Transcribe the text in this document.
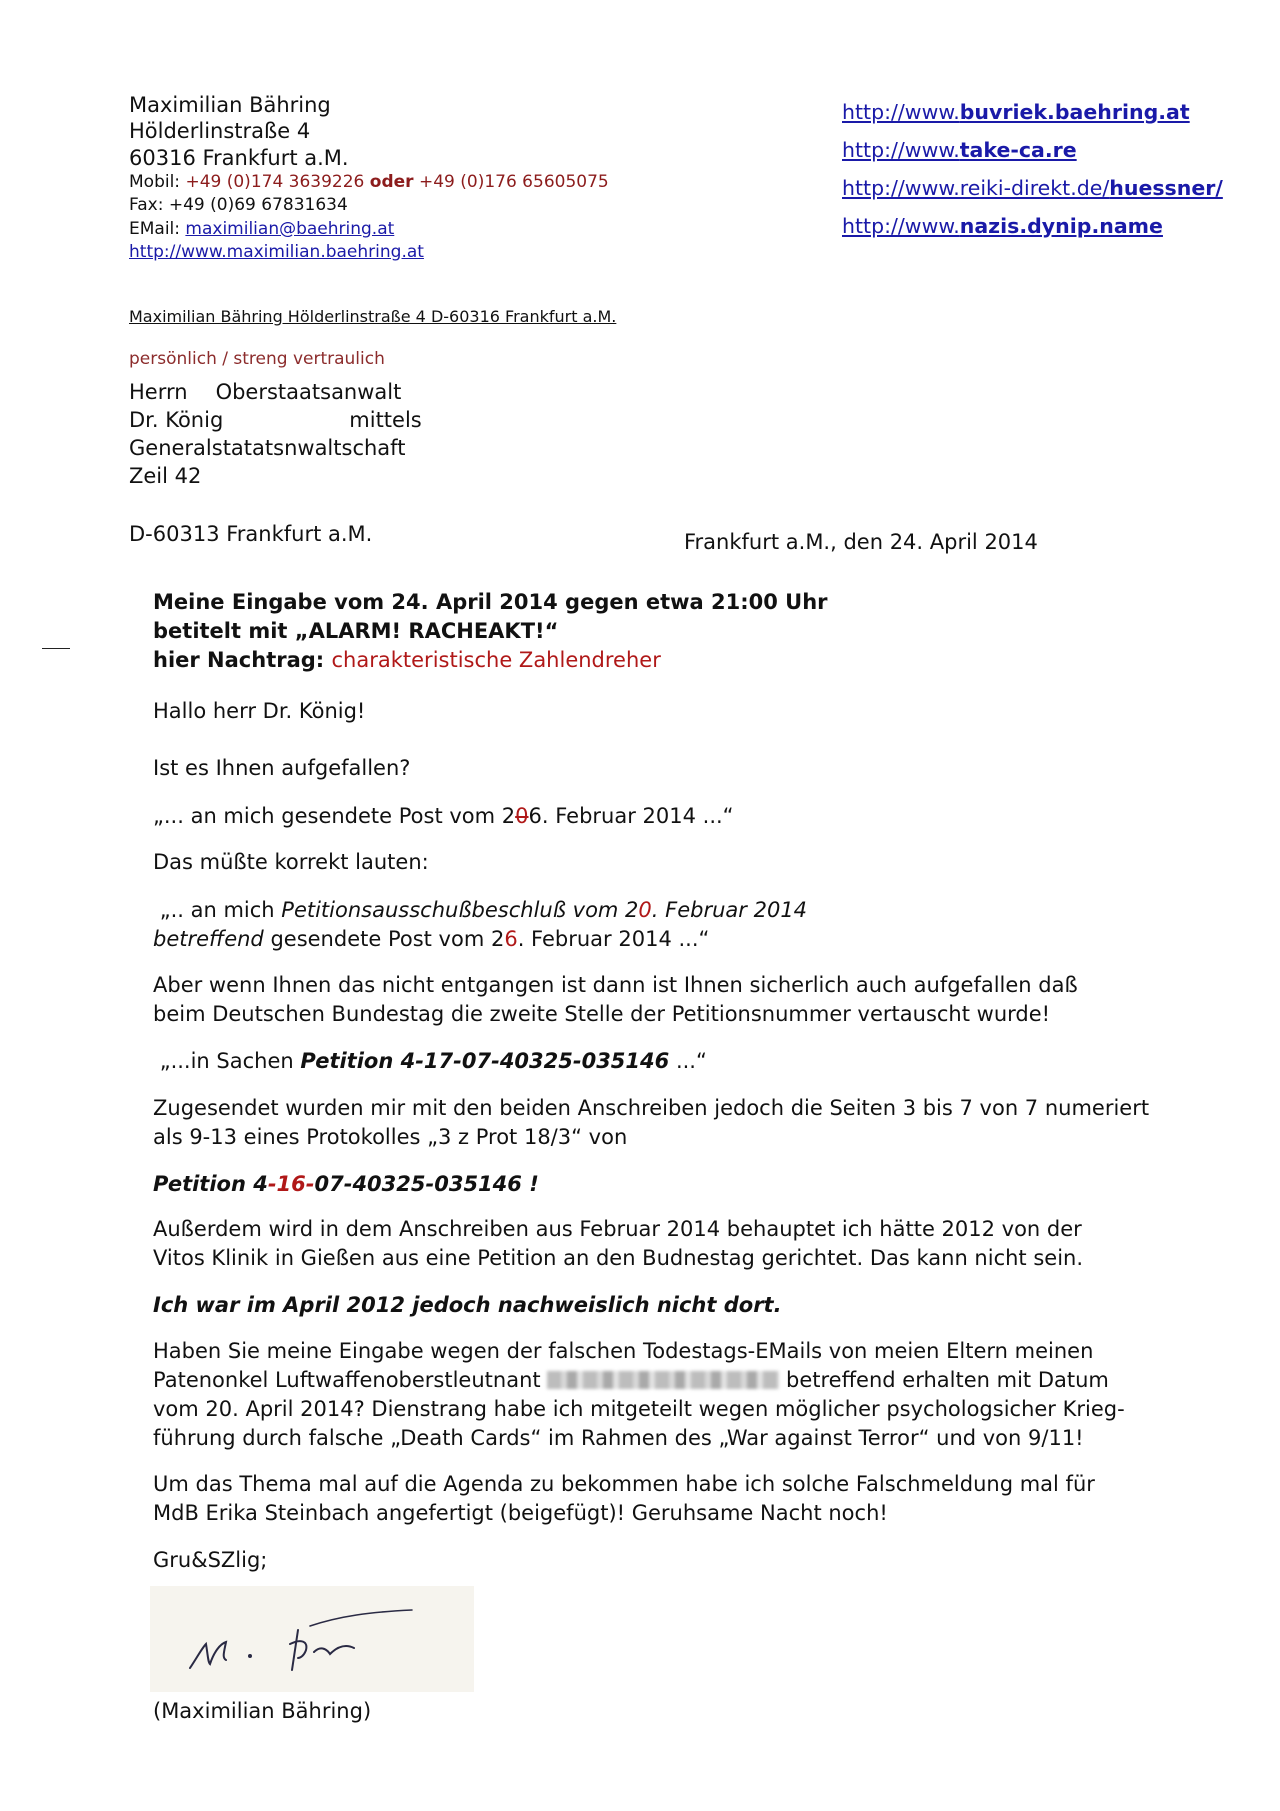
Maximilian Bähring
Hölderlinstraße 4
60316 Frankfurt a.M.
Mobil: +49 (0)174 3639226 oder +49 (0)176 65605075
Fax: +49 (0)69 67831634
EMail: maximilian@baehring.at
http://www.maximilian.baehring.at
http://www.buvriek.baehring.at
http://www.take-ca.re
http://www.reiki-direkt.de/huessner/
http://www.nazis.dynip.name
Maximilian Bähring Hölderlinstraße 4 D-60316 Frankfurt a.M.
persönlich / streng vertraulich
Herrn Oberstaatsanwalt
Dr. König	mittels
Generalstatatsnwaltschaft
Zeil 42
D-60313 Frankfurt a.M.	Frankfurt a.M., den 24. April 2014
Meine Eingabe vom 24. April 2014 gegen etwa 21:00 Uhr
betitelt mit „ALARM! RACHEAKT!“
hier Nachtrag: charakteristische Zahlendreher
Hallo herr Dr. König!
Ist es Ihnen aufgefallen?
„... an mich gesendete Post vom 206. Februar 2014 ...“
Das müßte korrekt lauten:
„.. an mich Petitionsausschußbeschluß vom 20. Februar 2014
betreffend gesendete Post vom 26. Februar 2014 ...“
Aber wenn Ihnen das nicht entgangen ist dann ist Ihnen sicherlich auch aufgefallen daß
beim Deutschen Bundestag die zweite Stelle der Petitionsnummer vertauscht wurde!
„...in Sachen Petition 4-17-07-40325-035146 ...“
Zugesendet wurden mir mit den beiden Anschreiben jedoch die Seiten 3 bis 7 von 7 numeriert
als 9-13 eines Protokolles „3 z Prot 18/3“ von
Petition 4-16-07-40325-035146 !
Außerdem wird in dem Anschreiben aus Februar 2014 behauptet ich hätte 2012 von der
Vitos Klinik in Gießen aus eine Petition an den Budnestag gerichtet. Das kann nicht sein.
Ich war im April 2012 jedoch nachweislich nicht dort.
Haben Sie meine Eingabe wegen der falschen Todestags-EMails von meien Eltern meinen
Patenonkel Luftwaffenoberstleutnant	betreffend erhalten mit Datum
vom 20. April 2014? Dienstrang habe ich mitgeteilt wegen möglicher psychologsicher Krieg-
führung durch falsche „Death Cards“ im Rahmen des „War against Terror“ und von 9/11!
Um das Thema mal auf die Agenda zu bekommen habe ich solche Falschmeldung mal für
MdB Erika Steinbach angefertigt (beigefügt)! Geruhsame Nacht noch!
Gru&SZlig;
(Maximilian Bähring)
